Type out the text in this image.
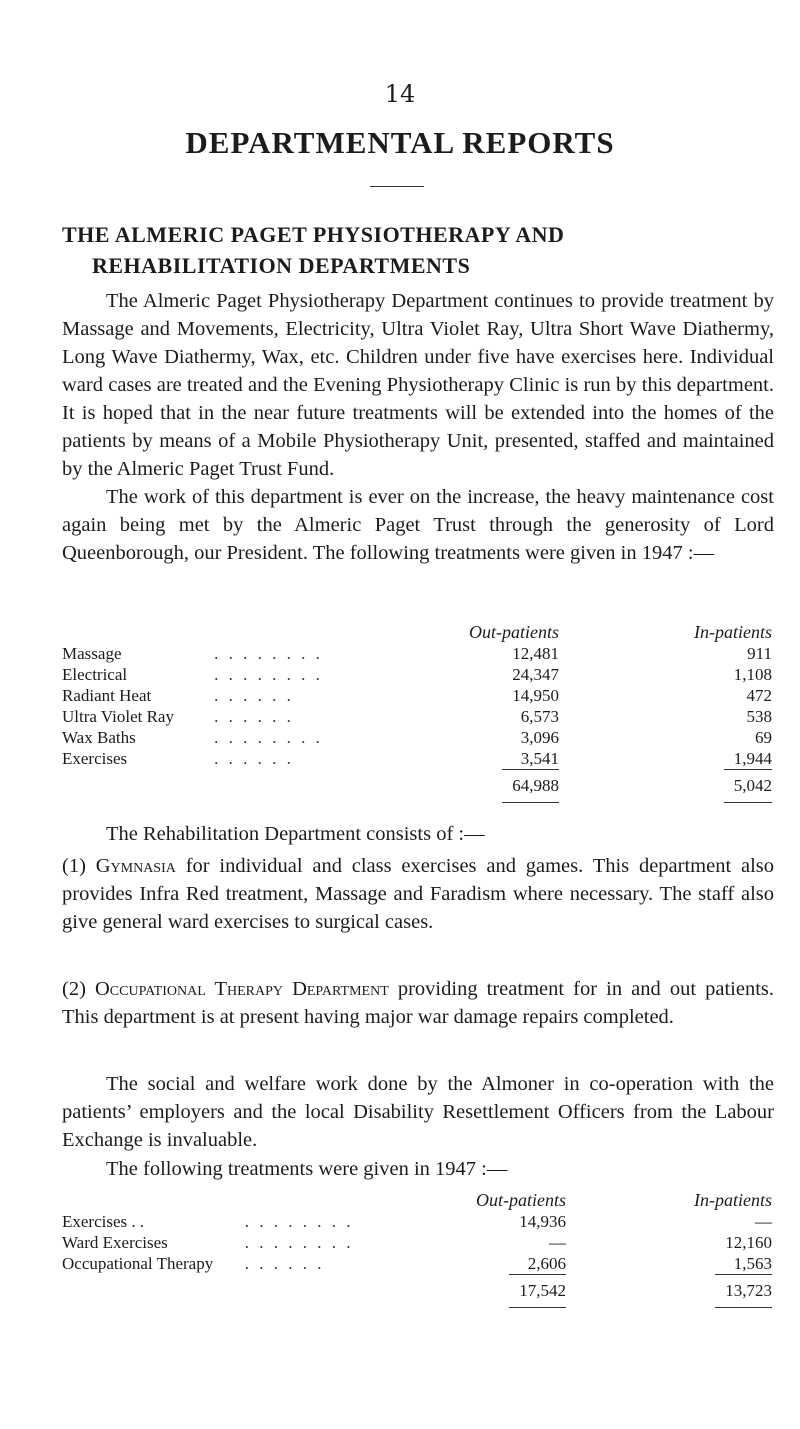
14
DEPARTMENTAL REPORTS
THE ALMERIC PAGET PHYSIOTHERAPY AND
REHABILITATION DEPARTMENTS

The Almeric Paget Physiotherapy Department continues to provide treatment by Massage and Movements, Electricity, Ultra Violet Ray, Ultra Short Wave Diathermy, Long Wave Diathermy, Wax, etc. Children under five have exercises here. Individual ward cases are treated and the Evening Physiotherapy Clinic is run by this department. It is hoped that in the near future treatments will be extended into the homes of the patients by means of a Mobile Physiotherapy Unit, presented, staffed and maintained by the Almeric Paget Trust Fund.

The work of this department is ever on the increase, the heavy maintenance cost again being met by the Almeric Paget Trust through the generosity of Lord Queenborough, our President. The following treatments were given in 1947 :—

		Out-patients	In-patients
Massage	. . . . . . . .	12,481	911
Electrical	. . . . . . . .	24,347	1,108
Radiant Heat	. . . . . .	14,950	472
Ultra Violet Ray	. . . . . .	6,573	538
Wax Baths	. . . . . . . .	3,096	69
Exercises	. . . . . .	3,541	1,944
		64,988	5,042

The Rehabilitation Department consists of :—

(1) Gymnasia for individual and class exercises and games. This department also provides Infra Red treatment, Massage and Faradism where necessary. The staff also give general ward exercises to surgical cases.

(2) Occupational Therapy Department providing treatment for in and out patients. This department is at present having major war damage repairs completed.

The social and welfare work done by the Almoner in co-operation with the patients’ employers and the local Disability Resettlement Officers from the Labour Exchange is invaluable.

The following treatments were given in 1947 :—

		Out-patients	In-patients
Exercises . .	. . . . . . . .	14,936	—
Ward Exercises	. . . . . . . .	—	12,160
Occupational Therapy	. . . . . .	2,606	1,563
		17,542	13,723
